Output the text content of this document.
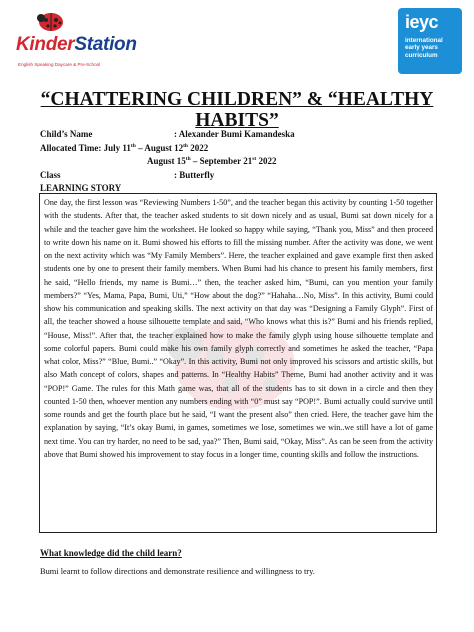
KinderStation
English Speaking Daycare & Pre-School
ieyc
international
early years
curriculum
“CHATTERING CHILDREN” & “HEALTHY HABITS”
Child’s Name	: Alexander Bumi Kamandeska
Allocated Time: July 11th – August 12th 2022
August 15th – September 21st 2022
Class	: Butterfly
LEARNING STORY
One day, the first lesson was “Reviewing Numbers 1-50”, and the teacher began this activity by counting 1-50 together with the students. After that, the teacher asked students to sit down nicely and as usual, Bumi sat down nicely for a while and the teacher gave him the worksheet. He looked so happy while saying, “Thank you, Miss” and then proceed to write down his name on it. Bumi showed his efforts to fill the missing number. After the activity was done, we went on the next activity which was “My Family Members”. Here, the teacher explained and gave example first then asked students one by one to present their family members. When Bumi had his chance to present his family members, first he said, “Hello friends, my name is Bumi…” then, the teacher asked him, “Bumi, can you mention your family members?” “Yes, Mama, Papa, Bumi, Uti,” “How about the dog?” “Hahaha…No, Miss”. In this activity, Bumi could show his communication and speaking skills. The next activity on that day was “Designing a Family Glyph”. First of all, the teacher showed a house silhouette template and said, “Who knows what this is?” Bumi and his friends replied, “House, Miss!”. After that, the teacher explained how to make the family glyph using house silhouette template and some colorful papers. Bumi could make his own family glyph correctly and sometimes he asked the teacher, “Papa what color, Miss?” “Blue, Bumi..” “Okay”. In this activity, Bumi not only improved his scissors and artistic skills, but also Math concept of colors, shapes and patterns. In “Healthy Habits” Theme, Bumi had another activity and it was “POP!” Game. The rules for this Math game was, that all of the students has to sit down in a circle and then they counted 1-50 then, whoever mention any numbers ending with “0” must say “POP!”. Bumi actually could survive until some rounds and get the fourth place but he said, “I want the present also” then cried. Here, the teacher gave him the explanation by saying, “It’s okay Bumi, in games, sometimes we lose, sometimes we win..we still have a lot of game next time. You can try harder, no need to be sad, yaa?” Then, Bumi said, “Okay, Miss”. As can be seen from the activity above that Bumi showed his improvement to stay focus in a longer time, counting skills and follow the instructions.
What knowledge did the child learn?
Bumi learnt to follow directions and demonstrate resilience and willingness to try.
